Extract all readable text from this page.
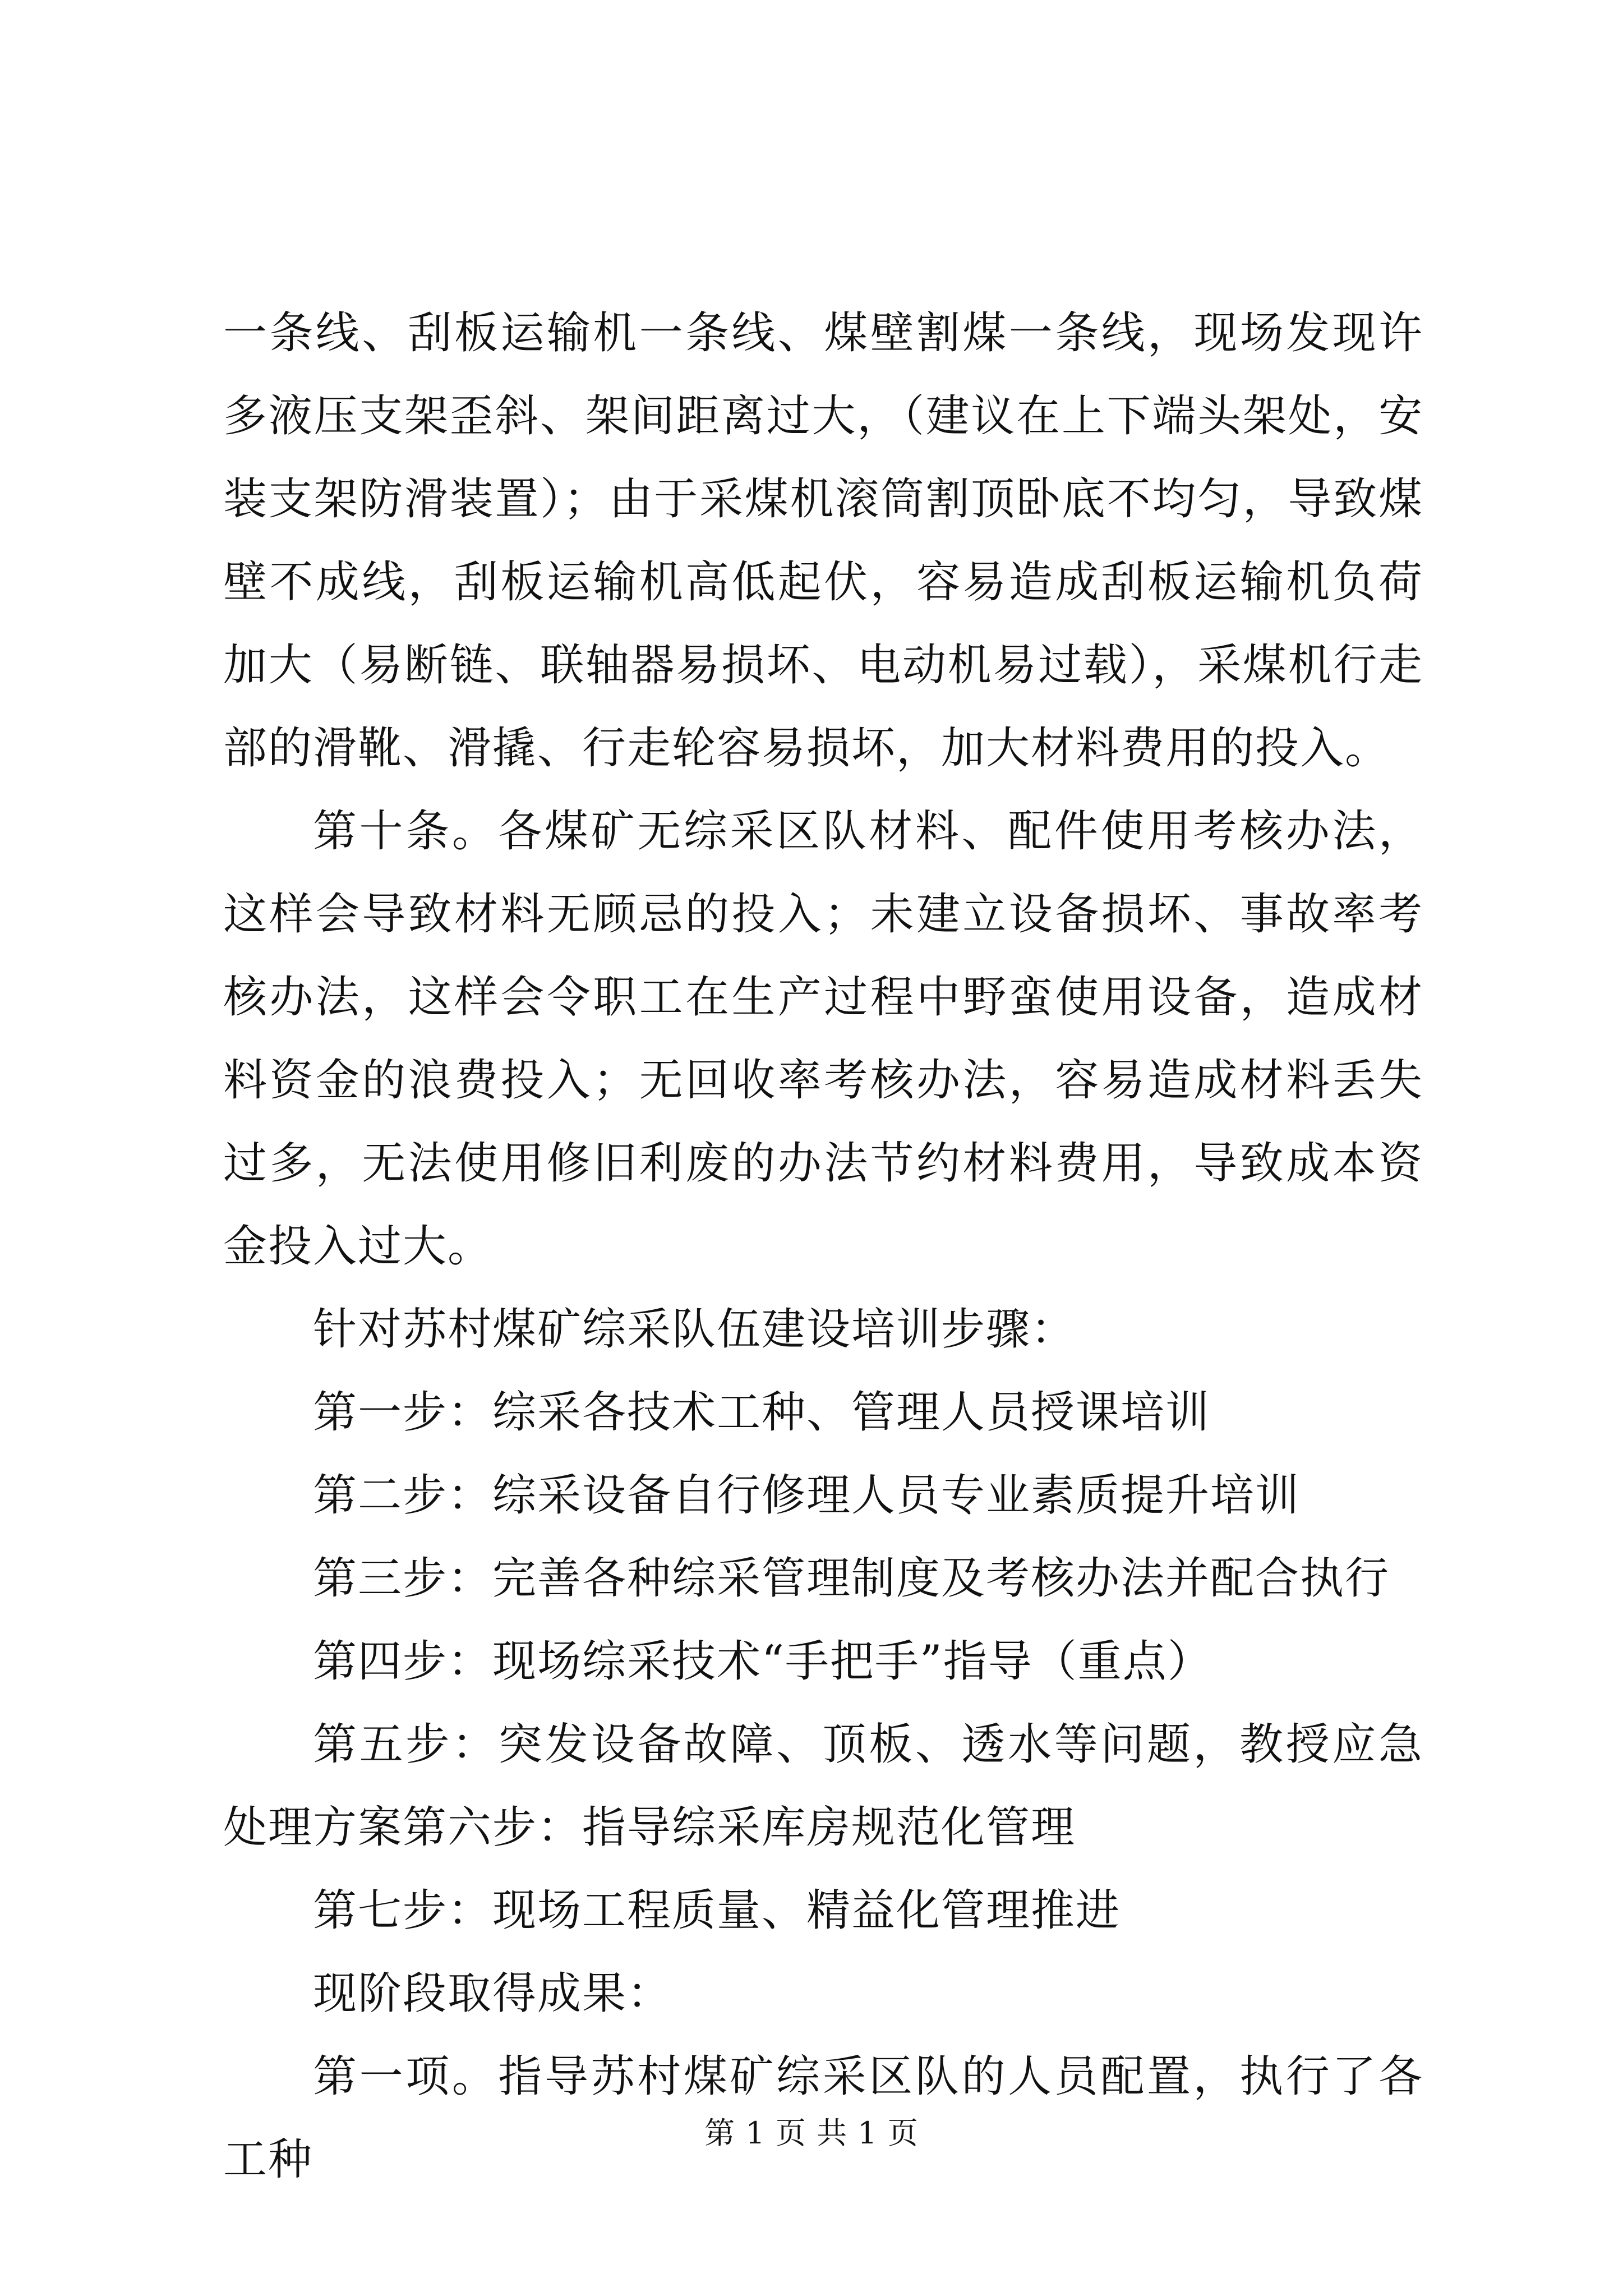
一条线、刮板运输机一条线、煤壁割煤一条线，现场发现许多液压支架歪斜、架间距离过大，（建议在上下端头架处，安装支架防滑装置）；由于采煤机滚筒割顶卧底不均匀，导致煤壁不成线，刮板运输机高低起伏，容易造成刮板运输机负荷加大（易断链、联轴器易损坏、电动机易过载），采煤机行走部的滑靴、滑撬、行走轮容易损坏，加大材料费用的投入。

第十条。各煤矿无综采区队材料、配件使用考核办法，这样会导致材料无顾忌的投入；未建立设备损坏、事故率考核办法，这样会令职工在生产过程中野蛮使用设备，造成材料资金的浪费投入；无回收率考核办法，容易造成材料丢失过多，无法使用修旧利废的办法节约材料费用，导致成本资金投入过大。

针对苏村煤矿综采队伍建设培训步骤：

第一步：综采各技术工种、管理人员授课培训

第二步：综采设备自行修理人员专业素质提升培训

第三步：完善各种综采管理制度及考核办法并配合执行

第四步：现场综采技术“手把手”指导（重点）

第五步：突发设备故障、顶板、透水等问题，教授应急处理方案第六步：指导综采库房规范化管理

第七步：现场工程质量、精益化管理推进

现阶段取得成果：

第一项。指导苏村煤矿综采区队的人员配置，执行了各工种

第 1 页 共 1 页
